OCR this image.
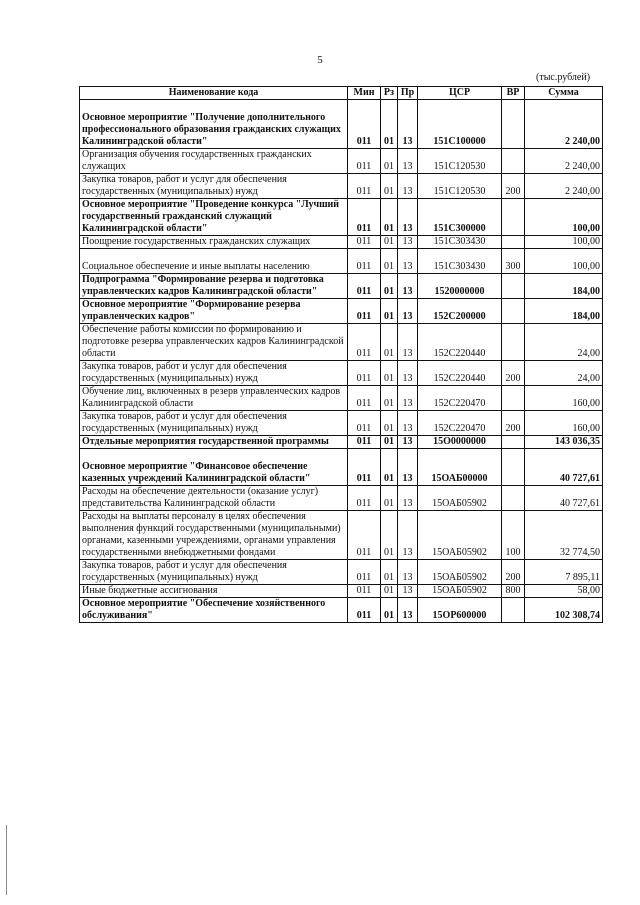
5
(тыс.рублей)
Наименование кода	Мин	Рз	Пр	ЦСР	ВР	Сумма
Основное мероприятие "Получение дополнительного профессионального образования гражданских служащих Калининградской области"	011	01	13	151С100000		2 240,00
Организация обучения государственных гражданских служащих	011	01	13	151С120530		2 240,00
Закупка товаров, работ и услуг для обеспечения государственных (муниципальных) нужд	011	01	13	151С120530	200	2 240,00
Основное мероприятие "Проведение конкурса "Лучший государственный гражданский служащий Калининградской области"	011	01	13	151С300000		100,00
Поощрение государственных гражданских служащих	011	01	13	151С303430		100,00
Социальное обеспечение и иные выплаты населению	011	01	13	151С303430	300	100,00
Подпрограмма "Формирование резерва и подготовка управленческих кадров Калининградской области"	011	01	13	1520000000		184,00
Основное мероприятие "Формирование резерва управленческих кадров"	011	01	13	152С200000		184,00
Обеспечение работы комиссии по формированию и подготовке резерва управленческих кадров Калининградской области	011	01	13	152С220440		24,00
Закупка товаров, работ и услуг для обеспечения государственных (муниципальных) нужд	011	01	13	152С220440	200	24,00
Обучение лиц, включенных в резерв управленческих кадров Калининградской области	011	01	13	152С220470		160,00
Закупка товаров, работ и услуг для обеспечения государственных (муниципальных) нужд	011	01	13	152С220470	200	160,00
Отдельные мероприятия государственной программы	011	01	13	15О0000000		143 036,35
Основное мероприятие "Финансовое обеспечение казенных учреждений Калининградской области"	011	01	13	15ОАБ00000		40 727,61
Расходы на обеспечение деятельности (оказание услуг) представительства Калининградской области	011	01	13	15ОАБ05902		40 727,61
Расходы на выплаты персоналу в целях обеспечения выполнения функций государственными (муниципальными) органами, казенными учреждениями, органами управления государственными внебюджетными фондами	011	01	13	15ОАБ05902	100	32 774,50
Закупка товаров, работ и услуг для обеспечения государственных (муниципальных) нужд	011	01	13	15ОАБ05902	200	7 895,11
Иные бюджетные ассигнования	011	01	13	15ОАБ05902	800	58,00
Основное мероприятие "Обеспечение хозяйственного обслуживания"	011	01	13	15ОР600000		102 308,74
